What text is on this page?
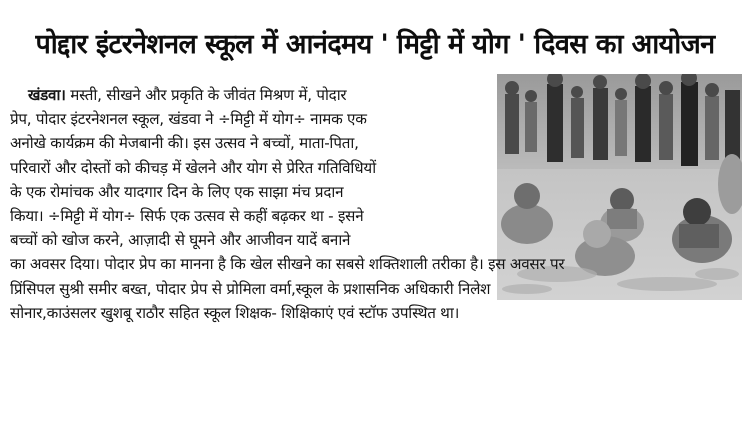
पोद्दार इंटरनेशनल स्कूल में आनंदमय ' मिट्टी में योग ' दिवस का आयोजन
खंडवा। मस्ती, सीखने और प्रकृति के जीवंत मिश्रण में, पोदार
प्रेप, पोदार इंटरनेशनल स्कूल, खंडवा ने ÷मिट्टी में योग÷ नामक एक
अनोखे कार्यक्रम की मेजबानी की। इस उत्सव ने बच्चों, माता-पिता,
परिवारों और दोस्तों को कीचड़ में खेलने और योग से प्रेरित गतिविधियों
के एक रोमांचक और यादगार दिन के लिए एक साझा मंच प्रदान
किया। ÷मिट्टी में योग÷ सिर्फ एक उत्सव से कहीं बढ़कर था - इसने
बच्चों को खोज करने, आज़ादी से घूमने और आजीवन यादें बनाने
का अवसर दिया। पोदार प्रेप का मानना है कि खेल सीखने का सबसे शक्तिशाली तरीका है। इस अवसर पर
प्रिंसिपल सुश्री समीर बख्त, पोदार प्रेप से प्रोमिला वर्मा,स्कूल के प्रशासनिक अधिकारी निलेश
सोनार,काउंसलर खुशबू राठौर सहित स्कूल शिक्षक- शिक्षिकाएं एवं स्टॉफ उपस्थित था।
